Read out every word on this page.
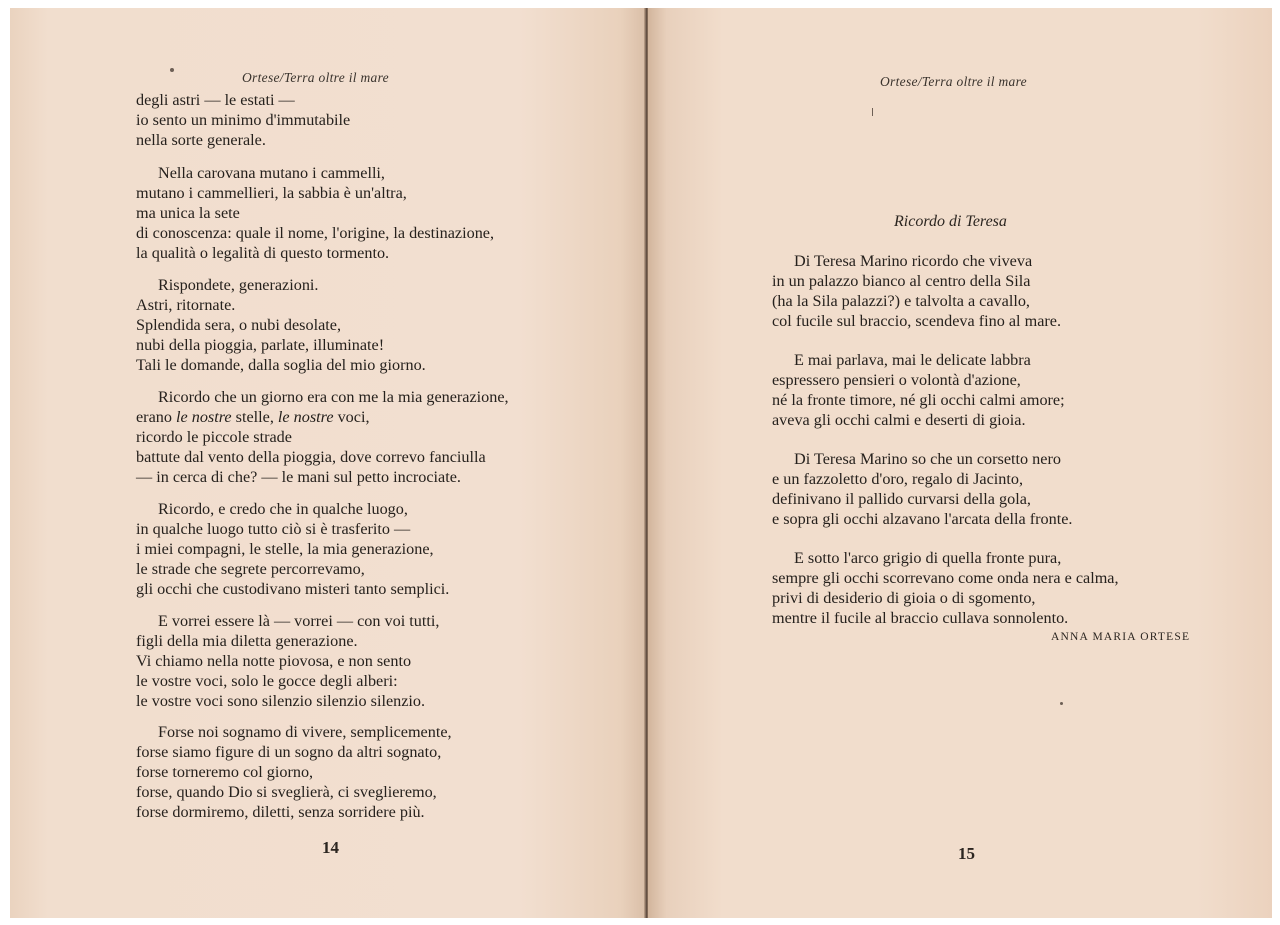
Ortese/Terra oltre il mare
degli astri — le estati —
io sento un minimo d'immutabile
nella sorte generale.
Nella carovana mutano i cammelli,
mutano i cammellieri, la sabbia è un'altra,
ma unica la sete
di conoscenza: quale il nome, l'origine, la destinazione,
la qualità o legalità di questo tormento.
Rispondete, generazioni.
Astri, ritornate.
Splendida sera, o nubi desolate,
nubi della pioggia, parlate, illuminate!
Tali le domande, dalla soglia del mio giorno.
Ricordo che un giorno era con me la mia generazione,
erano le nostre stelle, le nostre voci,
ricordo le piccole strade
battute dal vento della pioggia, dove correvo fanciulla
— in cerca di che? — le mani sul petto incrociate.
Ricordo, e credo che in qualche luogo,
in qualche luogo tutto ciò si è trasferito —
i miei compagni, le stelle, la mia generazione,
le strade che segrete percorrevamo,
gli occhi che custodivano misteri tanto semplici.
E vorrei essere là — vorrei — con voi tutti,
figli della mia diletta generazione.
Vi chiamo nella notte piovosa, e non sento
le vostre voci, solo le gocce degli alberi:
le vostre voci sono silenzio silenzio silenzio.
Forse noi sognamo di vivere, semplicemente,
forse siamo figure di un sogno da altri sognato,
forse torneremo col giorno,
forse, quando Dio si sveglierà, ci sveglieremo,
forse dormiremo, diletti, senza sorridere più.
14
Ortese/Terra oltre il mare
Ricordo di Teresa
Di Teresa Marino ricordo che viveva
in un palazzo bianco al centro della Sila
(ha la Sila palazzi?) e talvolta a cavallo,
col fucile sul braccio, scendeva fino al mare.
E mai parlava, mai le delicate labbra
espressero pensieri o volontà d'azione,
né la fronte timore, né gli occhi calmi amore;
aveva gli occhi calmi e deserti di gioia.
Di Teresa Marino so che un corsetto nero
e un fazzoletto d'oro, regalo di Jacinto,
definivano il pallido curvarsi della gola,
e sopra gli occhi alzavano l'arcata della fronte.
E sotto l'arco grigio di quella fronte pura,
sempre gli occhi scorrevano come onda nera e calma,
privi di desiderio di gioia o di sgomento,
mentre il fucile al braccio cullava sonnolento.
ANNA MARIA ORTESE
15
